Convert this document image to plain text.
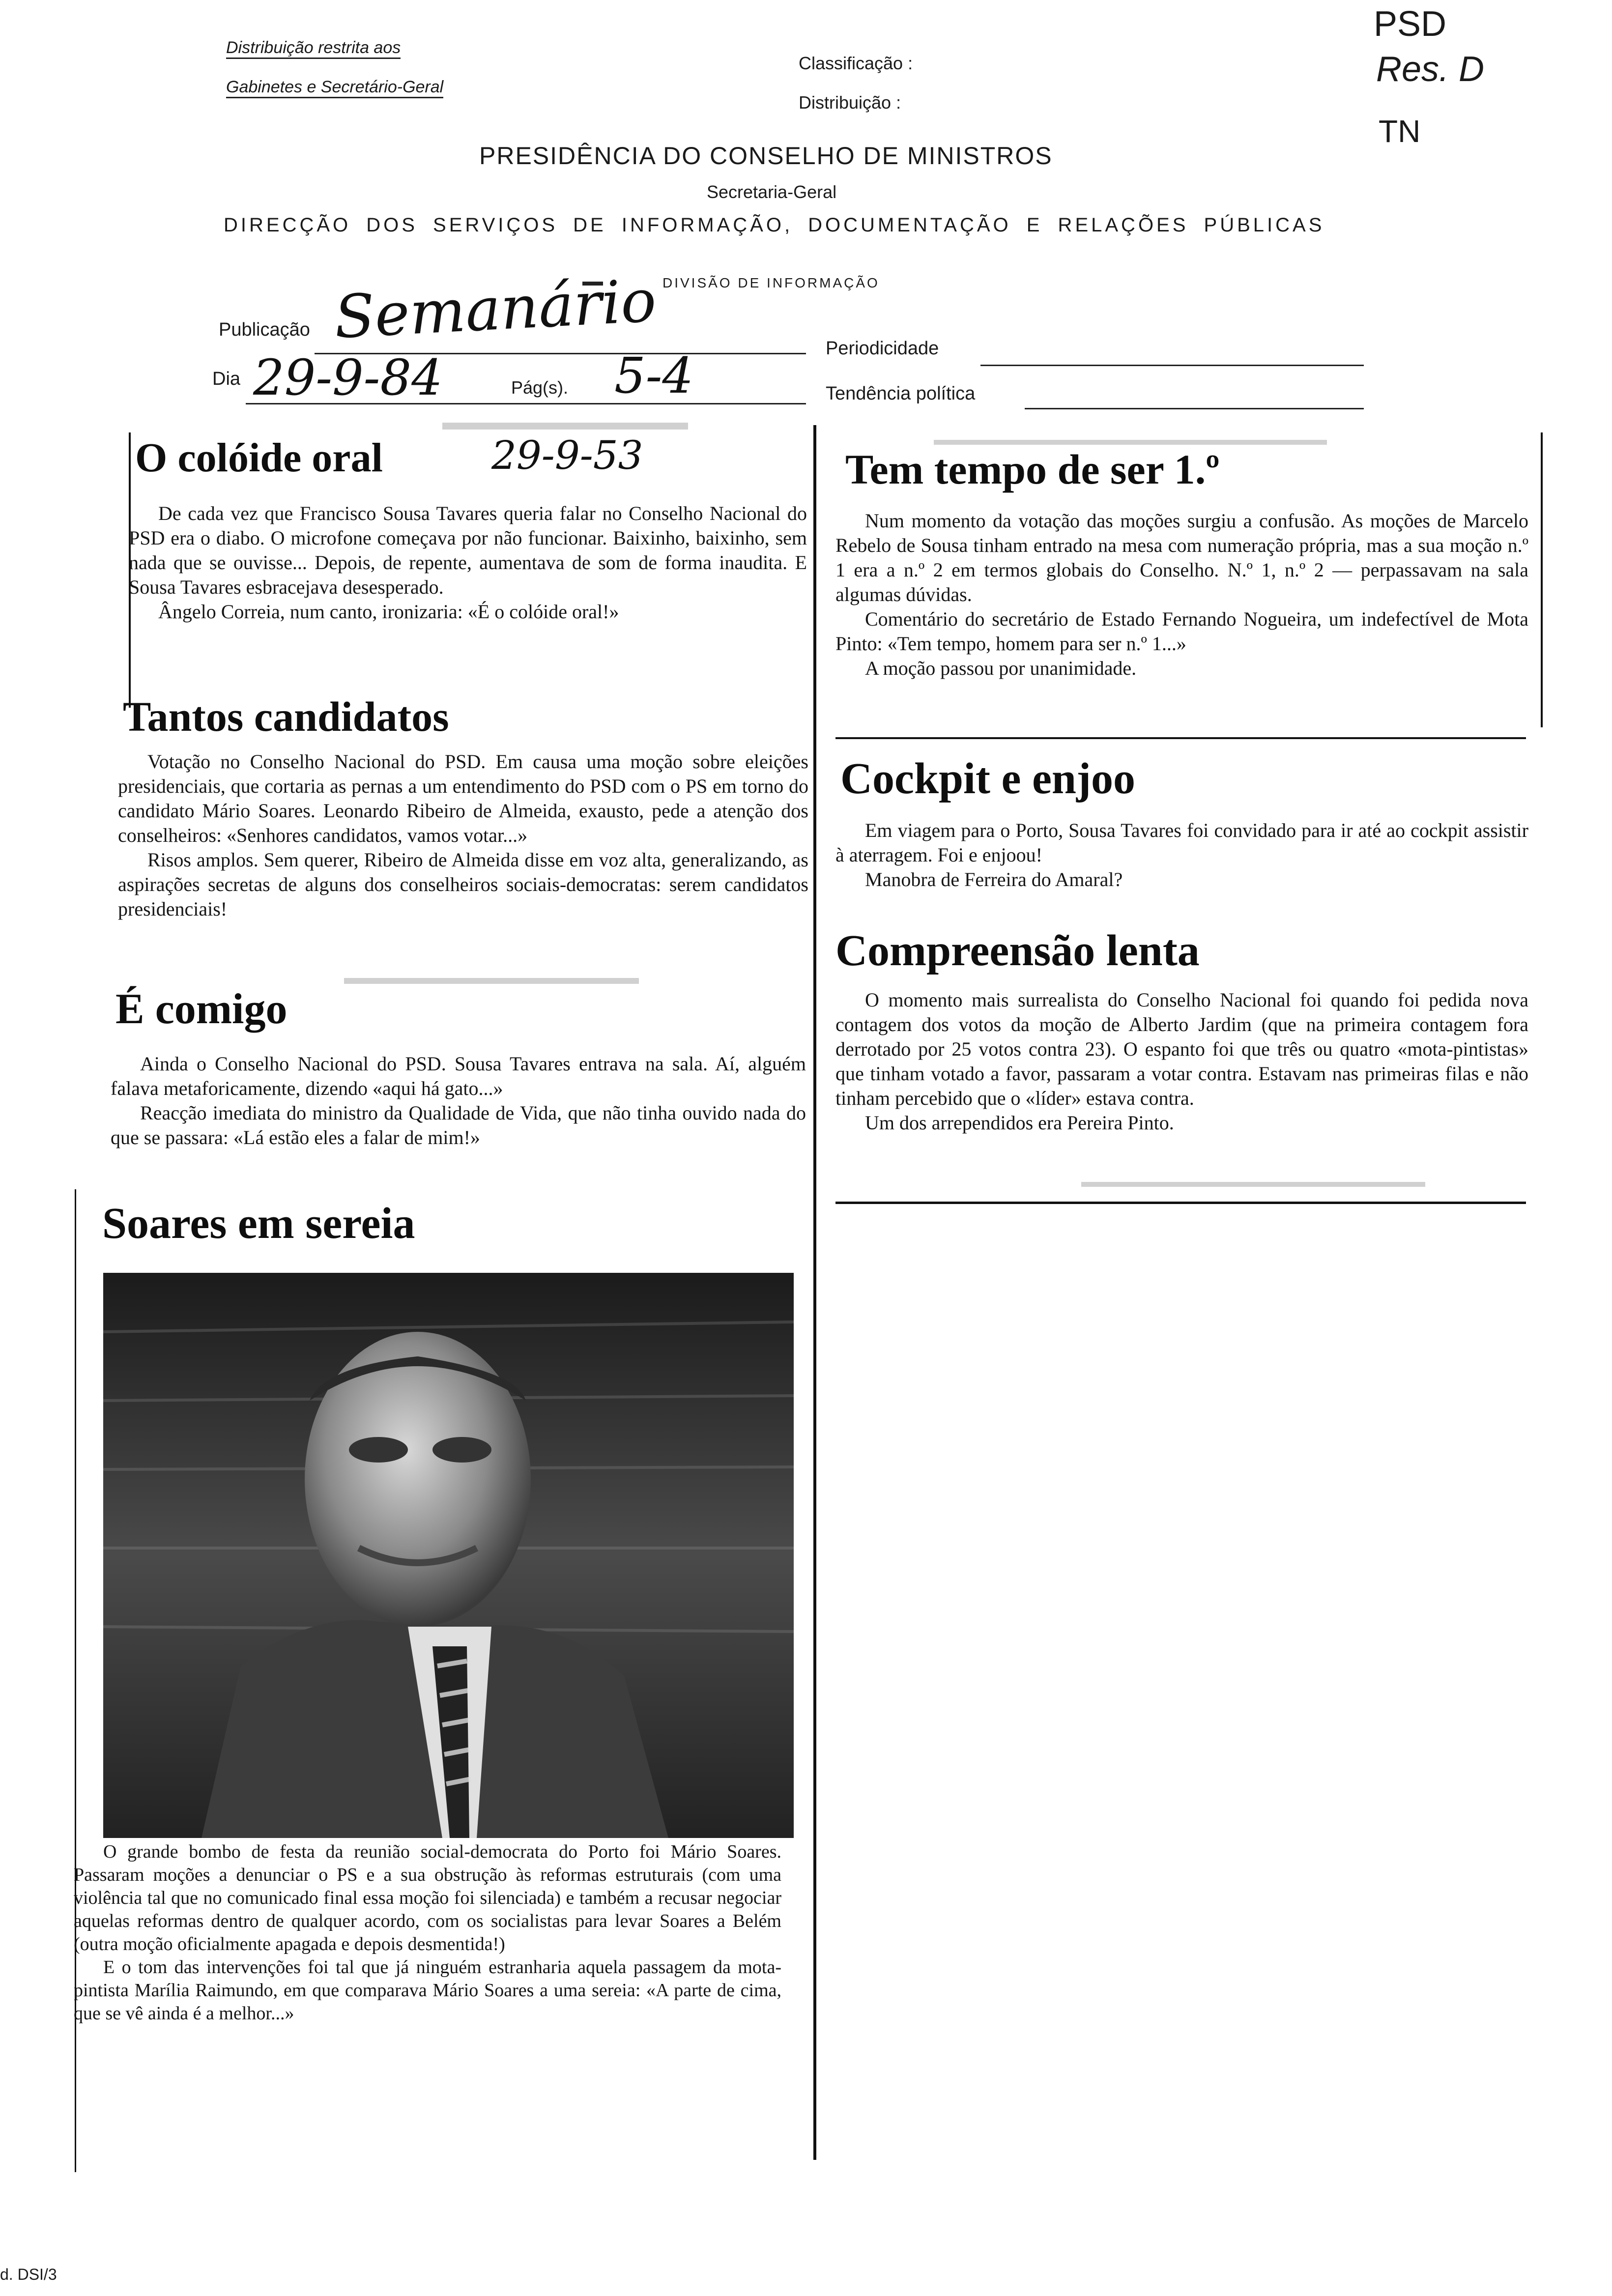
Distribuição restrita aos
Gabinetes e Secretário-Geral
Classificação :
Distribuição :
PSD
Res. D
TN
PRESIDÊNCIA DO CONSELHO DE MINISTROS
Secretaria-Geral
DIRECÇÃO DOS SERVIÇOS DE INFORMAÇÃO, DOCUMENTAÇÃO E RELAÇÕES PÚBLICAS
DIVISÃO DE INFORMAÇÃO
Publicação Semanário	Periodicidade
Dia 29-9-84	Pág(s). 5-4	Tendência política
O colóide oral	29-9-53

De cada vez que Francisco Sousa Tavares queria falar no Conselho Nacional do PSD era o diabo. O microfone começava por não funcionar. Baixinho, baixinho, sem nada que se ouvisse... Depois, de repente, aumentava de som de forma inaudita. E Sousa Tavares esbracejava desesperado.

Ângelo Correia, num canto, ironizaria: «É o colóide oral!»

Tantos candidatos

Votação no Conselho Nacional do PSD. Em causa uma moção sobre eleições presidenciais, que cortaria as pernas a um entendimento do PSD com o PS em torno do candidato Mário Soares. Leonardo Ribeiro de Almeida, exausto, pede a atenção dos conselheiros: «Senhores candidatos, vamos votar...»

Risos amplos. Sem querer, Ribeiro de Almeida disse em voz alta, generalizando, as aspirações secretas de alguns dos conselheiros sociais-democratas: serem candidatos presidenciais!

É comigo

Ainda o Conselho Nacional do PSD. Sousa Tavares entrava na sala. Aí, alguém falava metaforicamente, dizendo «aqui há gato...»

Reacção imediata do ministro da Qualidade de Vida, que não tinha ouvido nada do que se passara: «Lá estão eles a falar de mim!»

Soares em sereia

O grande bombo de festa da reunião social-democrata do Porto foi Mário Soares. Passaram moções a denunciar o PS e a sua obstrução às reformas estruturais (com uma violência tal que no comunicado final essa moção foi silenciada) e também a recusar negociar aquelas reformas dentro de qualquer acordo, com os socialistas para levar Soares a Belém (outra moção oficialmente apagada e depois desmentida!)

E o tom das intervenções foi tal que já ninguém estranharia aquela passagem da mota-pintista Marília Raimundo, em que comparava Mário Soares a uma sereia: «A parte de cima, que se vê ainda é a melhor...»

Tem tempo de ser 1.º

Num momento da votação das moções surgiu a confusão. As moções de Marcelo Rebelo de Sousa tinham entrado na mesa com numeração própria, mas a sua moção n.º 1 era a n.º 2 em termos globais do Conselho. N.º 1, n.º 2 — perpassavam na sala algumas dúvidas.

Comentário do secretário de Estado Fernando Nogueira, um indefectível de Mota Pinto: «Tem tempo, homem para ser n.º 1...»

A moção passou por unanimidade.

Cockpit e enjoo

Em viagem para o Porto, Sousa Tavares foi convidado para ir até ao cockpit assistir à aterragem. Foi e enjoou!

Manobra de Ferreira do Amaral?

Compreensão lenta

O momento mais surrealista do Conselho Nacional foi quando foi pedida nova contagem dos votos da moção de Alberto Jardim (que na primeira contagem fora derrotado por 25 votos contra 23). O espanto foi que três ou quatro «mota-pintistas» que tinham votado a favor, passaram a votar contra. Estavam nas primeiras filas e não tinham percebido que o «líder» estava contra.

Um dos arrependidos era Pereira Pinto.

d. DSI/3
